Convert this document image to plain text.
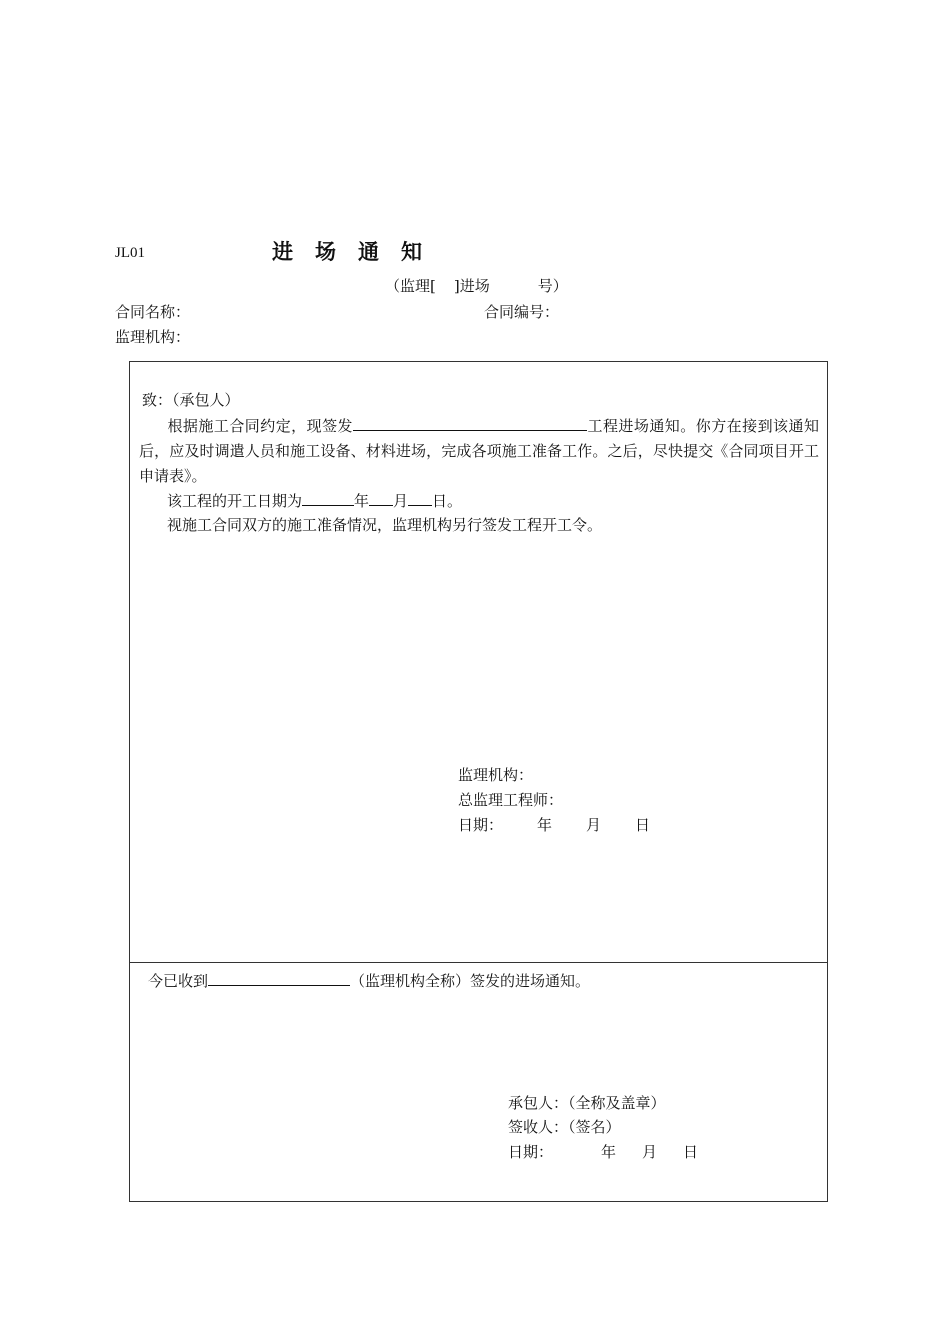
JL01	进 场 通 知
（监理[ ]进场	号）
合同名称：	合同编号：
监理机构：
致：（承包人）
根据施工合同约定，现签发	工程进场通知。你方在接到该通知后，应及时调遣人员和施工设备、材料进场，完成各项施工准备工作。之后，尽快提交《合同项目开工申请表》。
该工程的开工日期为	年 月 日。
视施工合同双方的施工准备情况，监理机构另行签发工程开工令。
监理机构：
总监理工程师：
日期： 年 月 日
今已收到	（监理机构全称）签发的进场通知。
承包人：（全称及盖章）
签收人：（签名）
日期：	年 月 日
